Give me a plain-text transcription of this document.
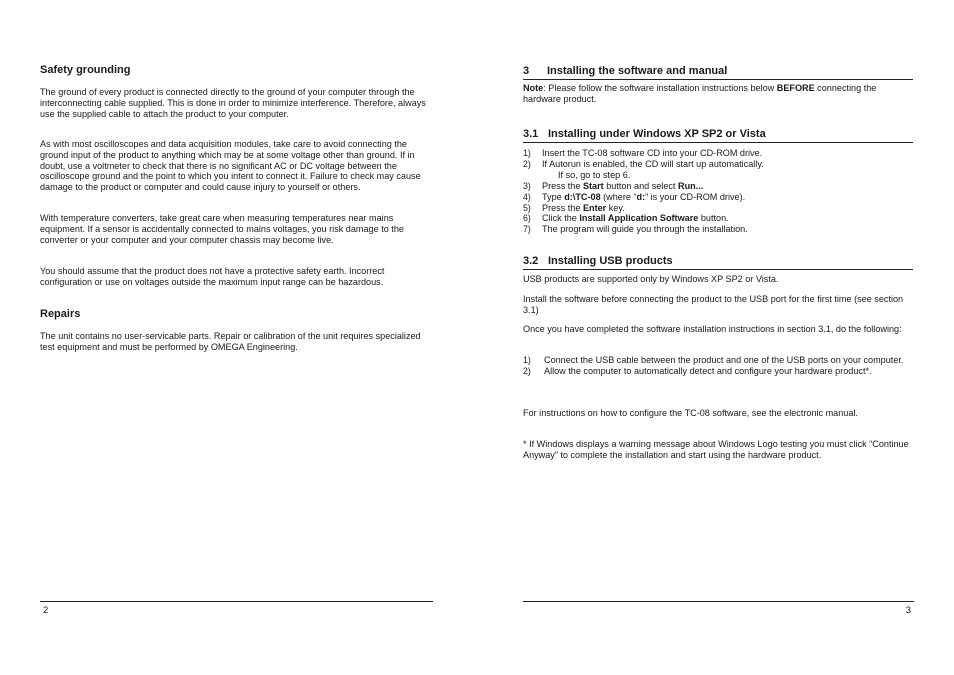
Safety grounding

The ground of every product is connected directly to the ground of your computer through the interconnecting cable supplied. This is done in order to minimize interference. Therefore, always use the supplied cable to attach the product to your computer.

As with most oscilloscopes and data acquisition modules, take care to avoid connecting the ground input of the product to anything which may be at some voltage other than ground. If in doubt, use a voltmeter to check that there is no significant AC or DC voltage between the oscilloscope ground and the point to which you intent to connect it. Failure to check may cause damage to the product or computer and could cause injury to yourself or others.

With temperature converters, take great care when measuring temperatures near mains equipment. If a sensor is accidentally connected to mains voltages, you risk damage to the converter or your computer and your computer chassis may become live.

You should assume that the product does not have a protective safety earth. Incorrect configuration or use on voltages outside the maximum input range can be hazardous.

Repairs

The unit contains no user-servicable parts. Repair or calibration of the unit requires specialized test equipment and must be performed by OMEGA Engineering.

2
3 Installing the software and manual

Note: Please follow the software installation instructions below BEFORE connecting the hardware product.

3.1 Installing under Windows XP SP2 or Vista
1) Insert the TC-08 software CD into your CD-ROM drive.
2) If Autorun is enabled, the CD will start up automatically.
If so, go to step 6.
3) Press the Start button and select Run...
4) Type d:\TC-08 (where “d:” is your CD-ROM drive).
5) Press the Enter key.
6) Click the Install Application Software button.
7) The program will guide you through the installation.
3.2 Installing USB products

USB products are supported only by Windows XP SP2 or Vista.

Install the software before connecting the product to the USB port for the first time (see section 3.1)

Once you have completed the software installation instructions in section 3.1, do the following:

1) Connect the USB cable between the product and one of the USB ports on your computer.
2) Allow the computer to automatically detect and configure your hardware product*.

For instructions on how to configure the TC-08 software, see the electronic manual.

* If Windows displays a warning message about Windows Logo testing you must click “Continue Anyway” to complete the installation and start using the hardware product.

3
